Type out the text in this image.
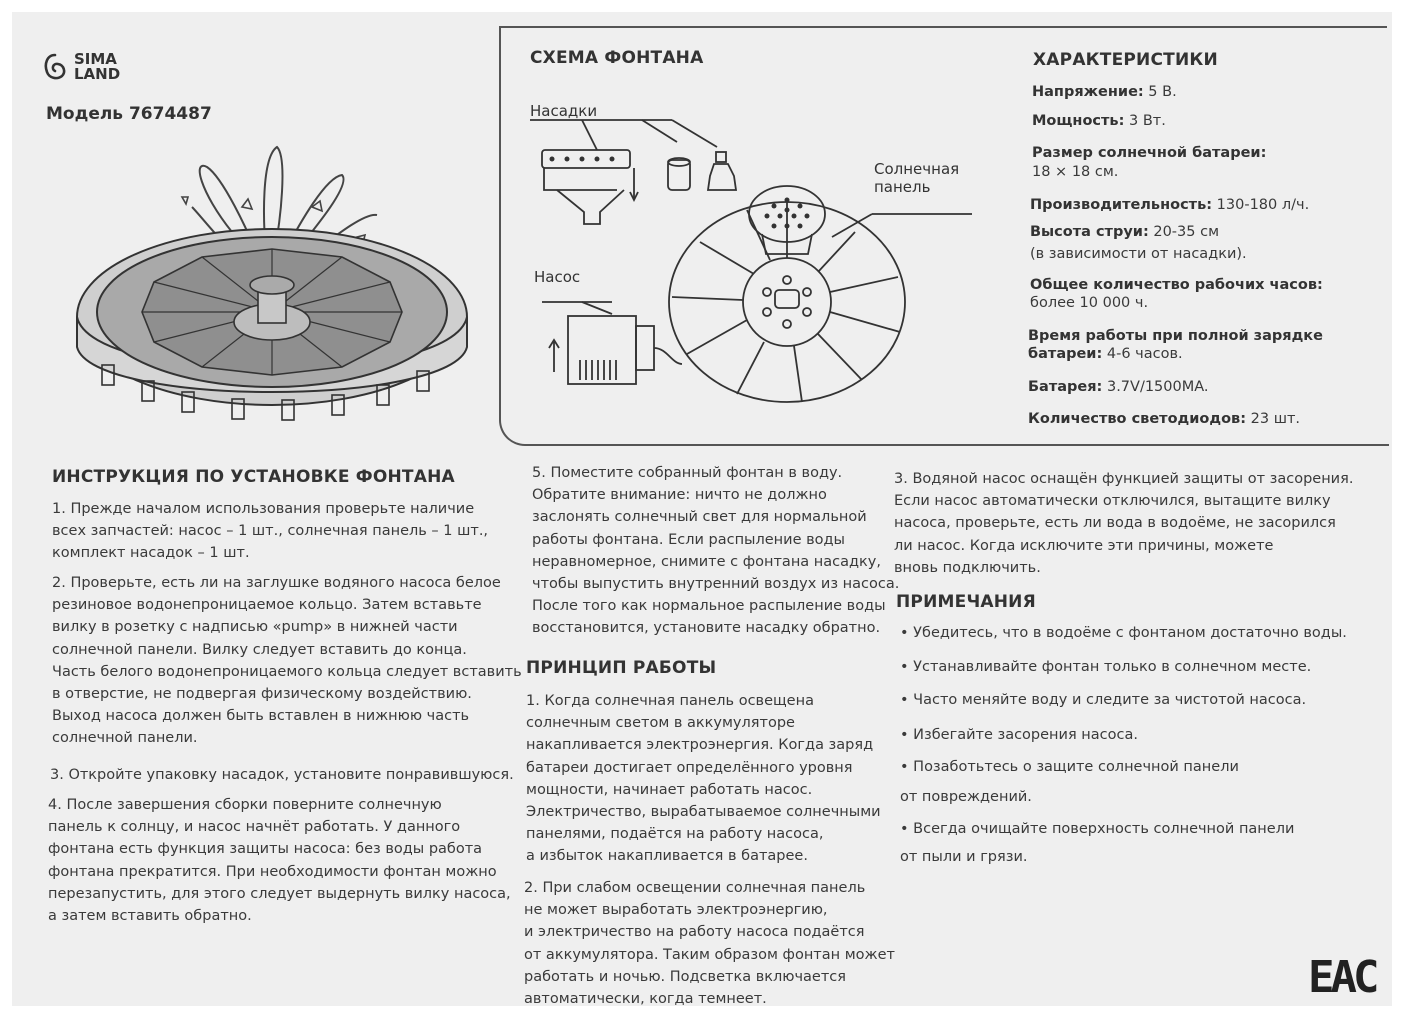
SIMA
LAND
Модель 7674487
СХЕМА ФОНТАНА
Насадки
Насос
Солнечная
панель
ХАРАКТЕРИСТИКИ
Напряжение: 5 В.
Мощность: 3 Вт.
Размер солнечной батареи:
18 × 18 см.
Производительность: 130-180 л/ч.
Высота струи: 20-35 см
(в зависимости от насадки).
Общее количество рабочих часов:
более 10 000 ч.
Время работы при полной зарядке
батареи: 4-6 часов.
Батарея: 3.7V/1500MA.
Количество светодиодов: 23 шт.
ИНСТРУКЦИЯ ПО УСТАНОВКЕ ФОНТАНА
1. Прежде началом использования проверьте наличие
всех запчастей: насос – 1 шт., солнечная панель – 1 шт.,
комплект насадок – 1 шт.
2. Проверьте, есть ли на заглушке водяного насоса белое
резиновое водонепроницаемое кольцо. Затем вставьте
вилку в розетку с надписью «pump» в нижней части
солнечной панели. Вилку следует вставить до конца.
Часть белого водонепроницаемого кольца следует вставить
в отверстие, не подвергая физическому воздействию.
Выход насоса должен быть вставлен в нижнюю часть
солнечной панели.
3. Откройте упаковку насадок, установите понравившуюся.
4. После завершения сборки поверните солнечную
панель к солнцу, и насос начнёт работать. У данного
фонтана есть функция защиты насоса: без воды работа
фонтана прекратится. При необходимости фонтан можно
перезапустить, для этого следует выдернуть вилку насоса,
а затем вставить обратно.
5. Поместите собранный фонтан в воду.
Обратите внимание: ничто не должно
заслонять солнечный свет для нормальной
работы фонтана. Если распыление воды
неравномерное, снимите с фонтана насадку,
чтобы выпустить внутренний воздух из насоса.
После того как нормальное распыление воды
восстановится, установите насадку обратно.
ПРИНЦИП РАБОТЫ
1. Когда солнечная панель освещена
солнечным светом в аккумуляторе
накапливается электроэнергия. Когда заряд
батареи достигает определённого уровня
мощности, начинает работать насос.
Электричество, вырабатываемое солнечными
панелями, подаётся на работу насоса,
а избыток накапливается в батарее.
2. При слабом освещении солнечная панель
не может выработать электроэнергию,
и электричество на работу насоса подаётся
от аккумулятора. Таким образом фонтан может
работать и ночью. Подсветка включается
автоматически, когда темнеет.
3. Водяной насос оснащён функцией защиты от засорения.
Если насос автоматически отключился, вытащите вилку
насоса, проверьте, есть ли вода в водоёме, не засорился
ли насос. Когда исключите эти причины, можете
вновь подключить.
ПРИМЕЧАНИЯ
• Убедитесь, что в водоёме с фонтаном достаточно воды.
• Устанавливайте фонтан только в солнечном месте.
• Часто меняйте воду и следите за чистотой насоса.
• Избегайте засорения насоса.
• Позаботьтесь о защите солнечной панели
от повреждений.
• Всегда очищайте поверхность солнечной панели
от пыли и грязи.
ЕАС
